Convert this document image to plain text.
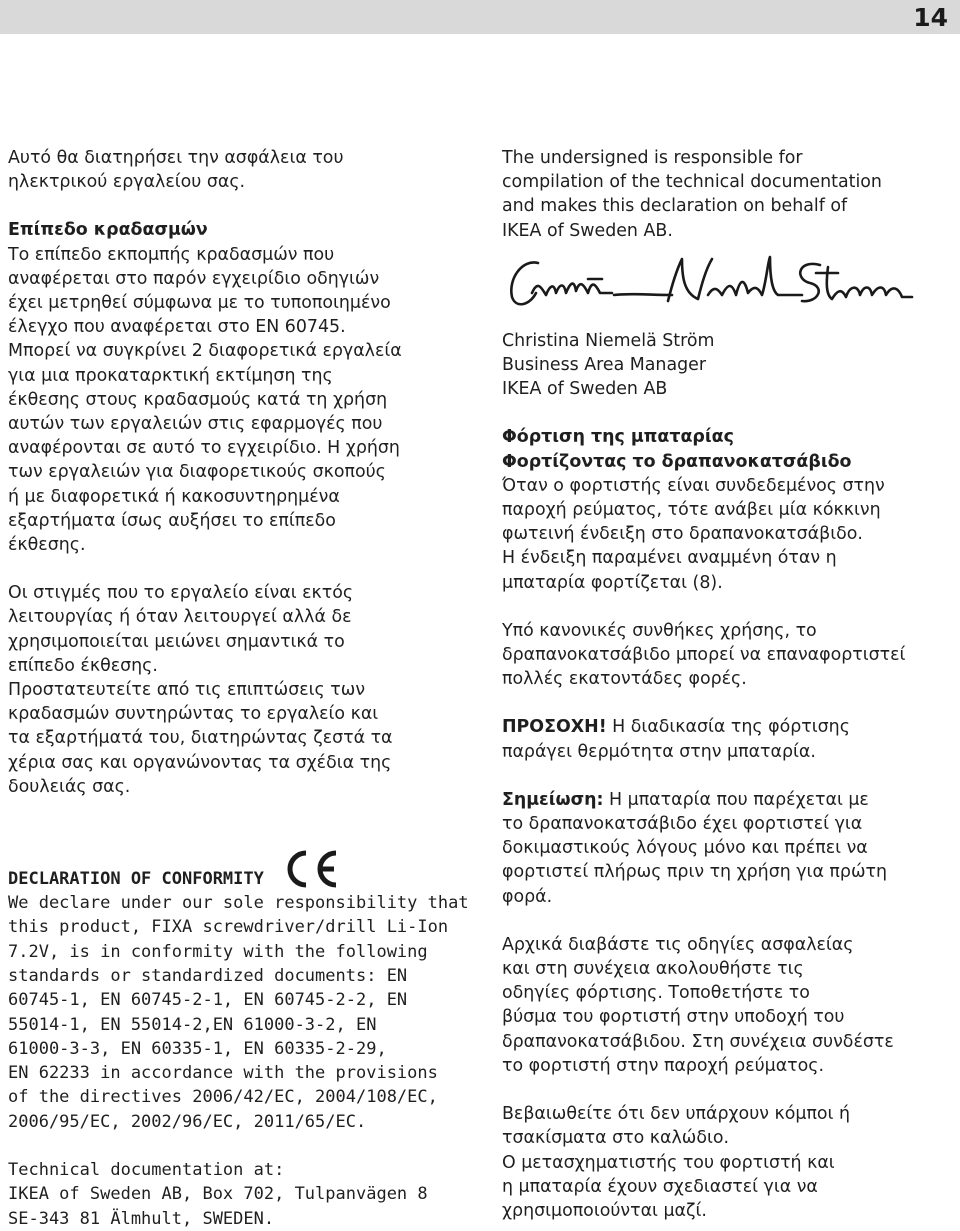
14

Αυτό θα διατηρήσει την ασφάλεια του
ηλεκτρικού εργαλείου σας.

Επίπεδο κραδασμών
Το επίπεδο εκπομπής κραδασμών που
αναφέρεται στο παρόν εγχειρίδιο οδηγιών
έχει μετρηθεί σύμφωνα με το τυποποιημένο
έλεγχο που αναφέρεται στο EN 60745.
Μπορεί να συγκρίνει 2 διαφορετικά εργαλεία
για μια προκαταρκτική εκτίμηση της
έκθεσης στους κραδασμούς κατά τη χρήση
αυτών των εργαλειών στις εφαρμογές που
αναφέρονται σε αυτό το εγχειρίδιο. Η χρήση
των εργαλειών για διαφορετικούς σκοπούς
ή με διαφορετικά ή κακοσυντηρημένα
εξαρτήματα ίσως αυξήσει το επίπεδο
έκθεσης.

Οι στιγμές που το εργαλείο είναι εκτός
λειτουργίας ή όταν λειτουργεί αλλά δε
χρησιμοποιείται μειώνει σημαντικά το
επίπεδο έκθεσης.
Προστατευτείτε από τις επιπτώσεις των
κραδασμών συντηρώντας το εργαλείο και
τα εξαρτήματά του, διατηρώντας ζεστά τα
χέρια σας και οργανώνοντας τα σχέδια της
δουλειάς σας.

DECLARATION OF CONFORMITY

We declare under our sole responsibility that
this product, FIXA screwdriver/drill Li-Ion
7.2V, is in conformity with the following
standards or standardized documents: EN
60745-1, EN 60745-2-1, EN 60745-2-2, EN
55014-1, EN 55014-2,EN 61000-3-2, EN
61000-3-3, EN 60335-1, EN 60335-2-29,
EN 62233 in accordance with the provisions
of the directives 2006/42/EC, 2004/108/EC,
2006/95/EC, 2002/96/EC, 2011/65/EC.

Technical documentation at:
IKEA of Sweden AB, Box 702, Tulpanvägen 8
SE-343 81 Älmhult, SWEDEN.

The undersigned is responsible for
compilation of the technical documentation
and makes this declaration on behalf of
IKEA of Sweden AB.

Christina Niemelä Ström
Business Area Manager
IKEA of Sweden AB

Φόρτιση της μπαταρίας
Φορτίζοντας το δραπανοκατσάβιδο
Όταν ο φορτιστής είναι συνδεδεμένος στην
παροχή ρεύματος, τότε ανάβει μία κόκκινη
φωτεινή ένδειξη στο δραπανοκατσάβιδο.
Η ένδειξη παραμένει αναμμένη όταν η
μπαταρία φορτίζεται (8).

Υπό κανονικές συνθήκες χρήσης, το
δραπανοκατσάβιδο μπορεί να επαναφορτιστεί
πολλές εκατοντάδες φορές.

ΠΡΟΣΟΧΗ! Η διαδικασία της φόρτισης
παράγει θερμότητα στην μπαταρία.

Σημείωση: Η μπαταρία που παρέχεται με
το δραπανοκατσάβιδο έχει φορτιστεί για
δοκιμαστικούς λόγους μόνο και πρέπει να
φορτιστεί πλήρως πριν τη χρήση για πρώτη
φορά.

Αρχικά διαβάστε τις οδηγίες ασφαλείας
και στη συνέχεια ακολουθήστε τις
οδηγίες φόρτισης. Τοποθετήστε το
βύσμα του φορτιστή στην υποδοχή του
δραπανοκατσάβιδου. Στη συνέχεια συνδέστε
το φορτιστή στην παροχή ρεύματος.

Βεβαιωθείτε ότι δεν υπάρχουν κόμποι ή
τσακίσματα στο καλώδιο.
Ο μετασχηματιστής του φορτιστή και
η μπαταρία έχουν σχεδιαστεί για να
χρησιμοποιούνται μαζί.
